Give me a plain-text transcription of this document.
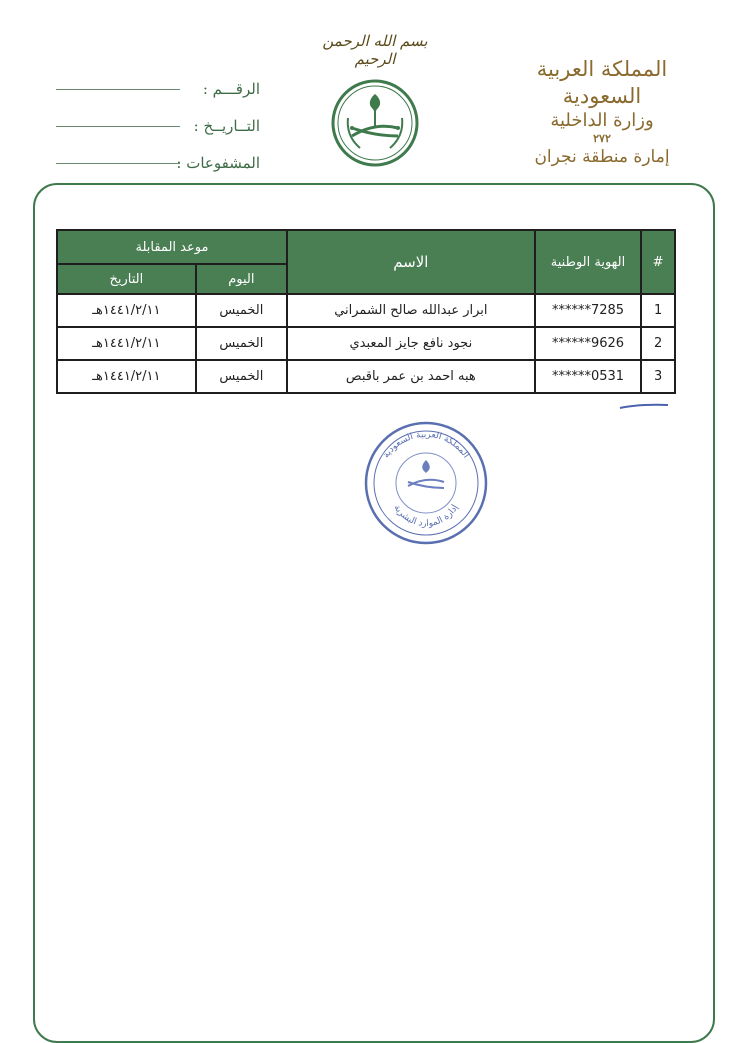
المملكة العربية السعودية
وزارة الداخلية
٢٧٢
إمارة منطقة نجران
بسم الله الرحمن الرحيم
الرقـــم :
التــاريــخ :
المشفوعات :
#	الهوية الوطنية	الاسم	موعد المقابلة	
			اليوم	التاريخ
1	******7285	ابرار عبدالله صالح الشمراني	الخميس	١٤٤١/٢/١١هـ
2	******9626	نجود نافع جايز المعبدي	الخميس	١٤٤١/٢/١١هـ
3	******0531	هبه احمد بن عمر باقبص	الخميس	١٤٤١/٢/١١هـ
المملكة العربية السعودية
إدارة الموارد البشرية
